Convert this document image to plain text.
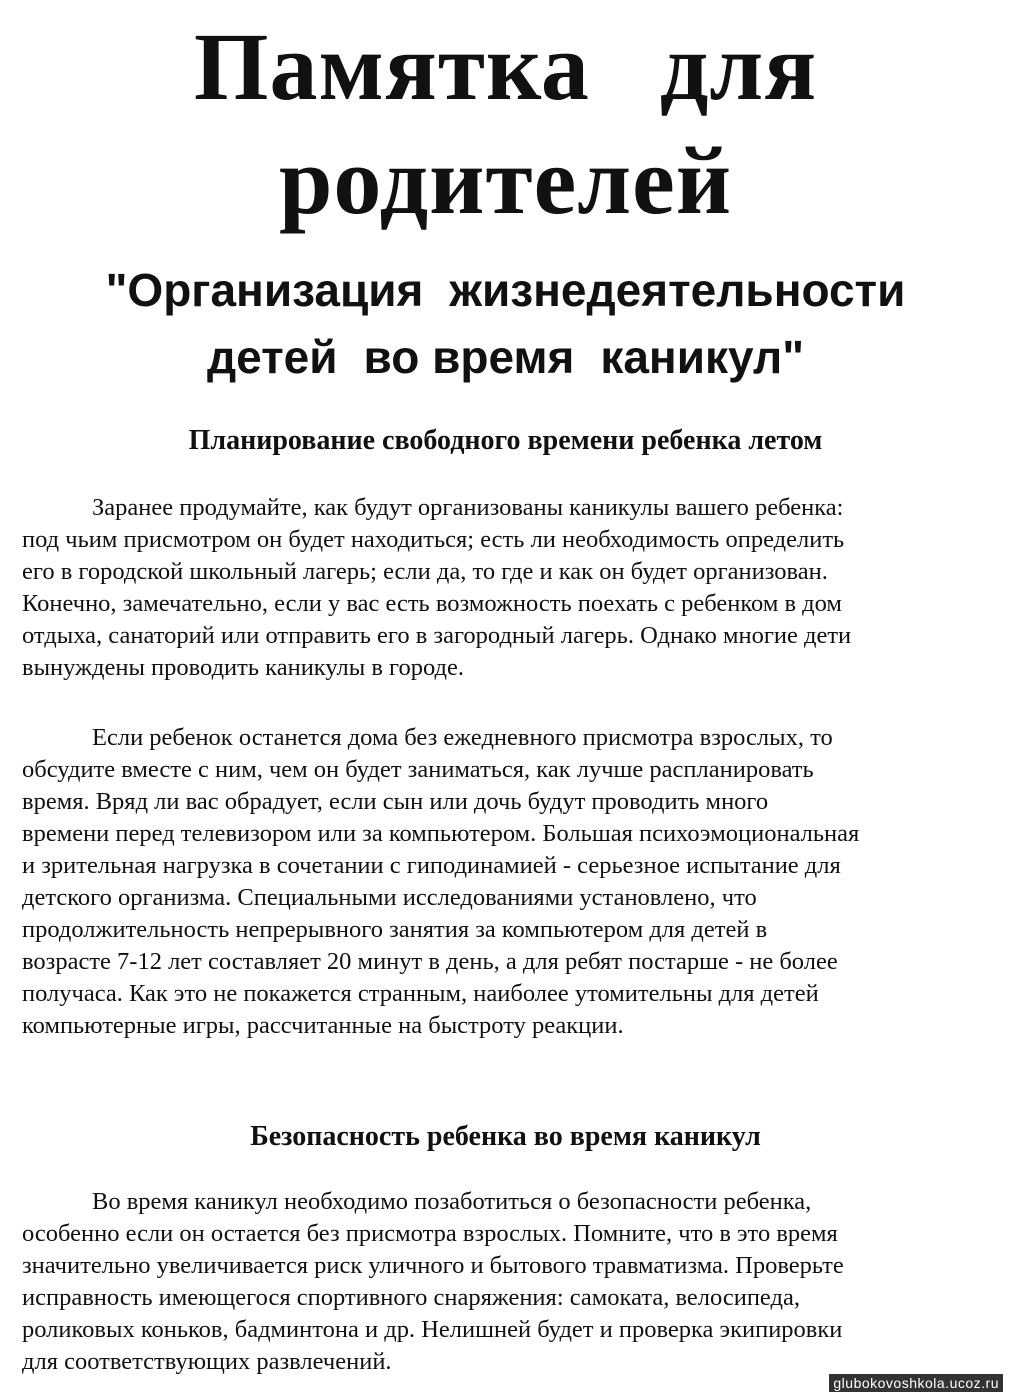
Памятка для
родителей
"Организация жизнедеятельности
детей во время каникул"
Планирование свободного времени ребенка летом

Заранее продумайте, как будут организованы каникулы вашего ребенка:
под чьим присмотром он будет находиться; есть ли необходимость определить
его в городской школьный лагерь; если да, то где и как он будет организован.
Конечно, замечательно, если у вас есть возможность поехать с ребенком в дом
отдыха, санаторий или отправить его в загородный лагерь. Однако многие дети
вынуждены проводить каникулы в городе.

Если ребенок останется дома без ежедневного присмотра взрослых, то
обсудите вместе с ним, чем он будет заниматься, как лучше распланировать
время. Вряд ли вас обрадует, если сын или дочь будут проводить много
времени перед телевизором или за компьютером. Большая психоэмоциональная
и зрительная нагрузка в сочетании с гиподинамией - серьезное испытание для
детского организма. Специальными исследованиями установлено, что
продолжительность непрерывного занятия за компьютером для детей в
возрасте 7-12 лет составляет 20 минут в день, а для ребят постарше - не более
получаса. Как это не покажется странным, наиболее утомительны для детей
компьютерные игры, рассчитанные на быстроту реакции.

Безопасность ребенка во время каникул

Во время каникул необходимо позаботиться о безопасности ребенка,
особенно если он остается без присмотра взрослых. Помните, что в это время
значительно увеличивается риск уличного и бытового травматизма. Проверьте
исправность имеющегося спортивного снаряжения: самоката, велосипеда,
роликовых коньков, бадминтона и др. Нелишней будет и проверка экипировки
для соответствующих развлечений.

glubokovoshkola.ucoz.ru
